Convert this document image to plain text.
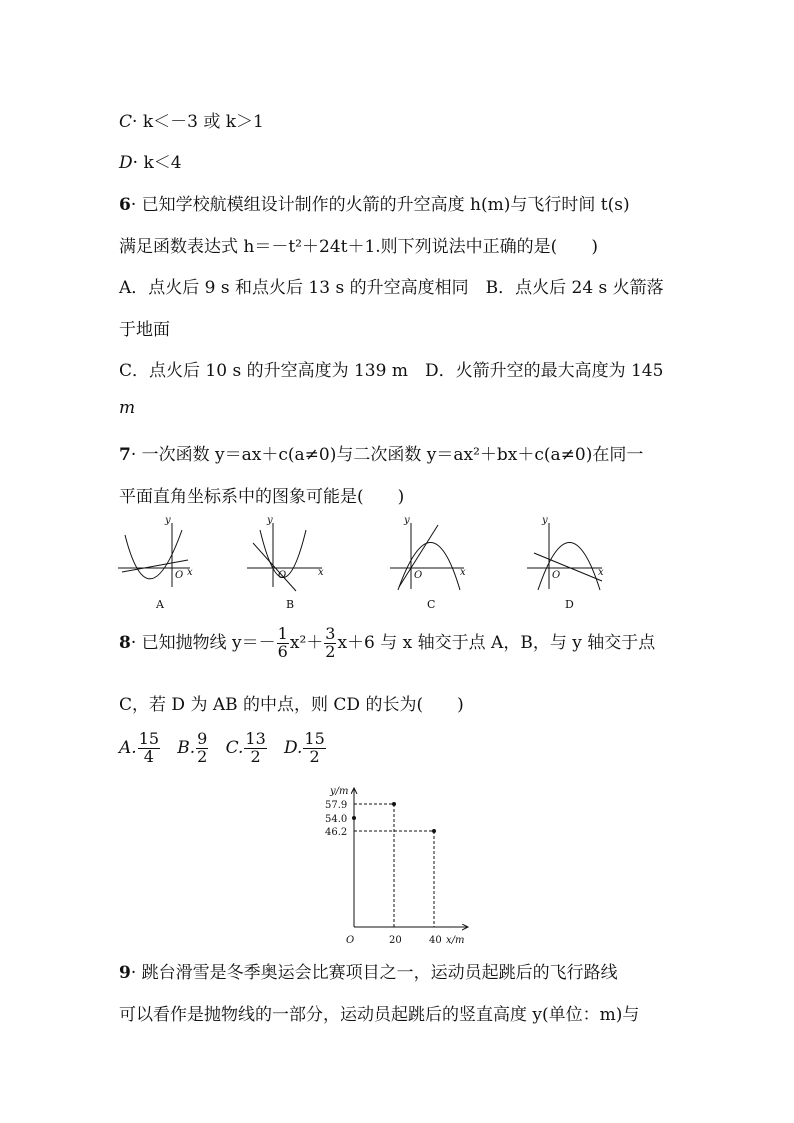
C· k＜－3 或 k＞1
D· k＜4
6· 已知学校航模组设计制作的火箭的升空高度 h(m)与飞行时间 t(s)
满足函数表达式 h＝－t²＋24t＋1.则下列说法中正确的是(　　)
A．点火后 9 s 和点火后 13 s 的升空高度相同　 B．点火后 24 s 火箭落
于地面
C．点火后 10 s 的升空高度为 139 m　 D．火箭升空的最大高度为 145
m
7· 一次函数 y＝ax＋c(a≠0)与二次函数 y＝ax²＋bx＋c(a≠0)在同一
平面直角坐标系中的图象可能是(　　)
y
x
O
y
x
O
y
x
O
y
x
O
A	B	C	D
8· 已知抛物线 $y=- \frac{1}{6} x^2+ \frac{3}{2} x+6$ 与 x 轴交于点 A，B，与 y 轴交于点
C，若 D 为 AB 的中点，则 CD 的长为(　　)
A. $\frac{15}{4} B$. $\frac{9}{2} C$. $\frac{13}{2} D$. $\frac{15}{2}$
y/m
x/m
O	20	40
57.9
54.0
46.2
9· 跳台滑雪是冬季奥运会比赛项目之一，运动员起跳后的飞行路线
可以看作是抛物线的一部分，运动员起跳后的竖直高度 y(单位：m)与
